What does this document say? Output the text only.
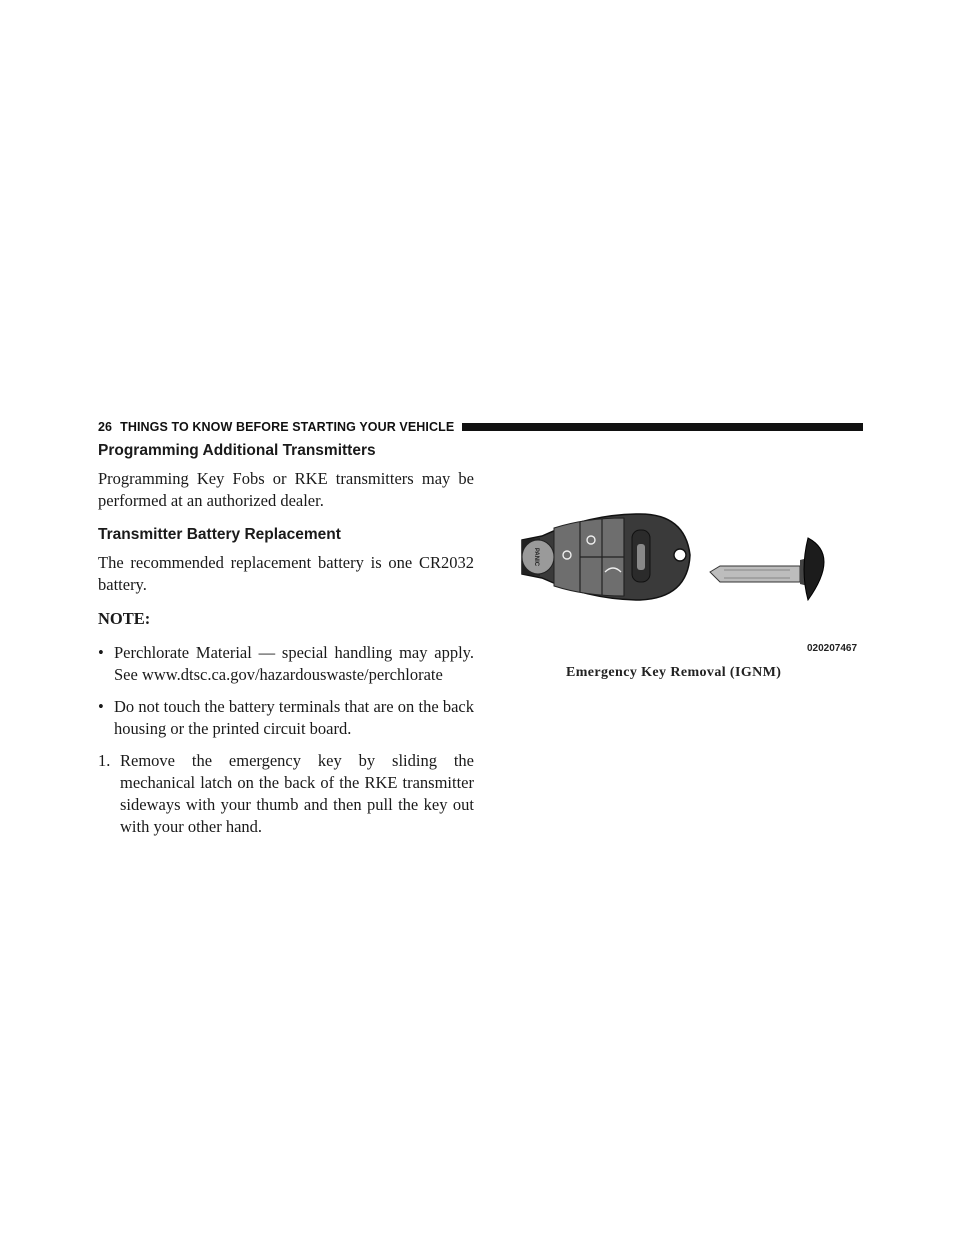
26 THINGS TO KNOW BEFORE STARTING YOUR VEHICLE
Programming Additional Transmitters

Programming Key Fobs or RKE transmitters may be performed at an authorized dealer.

Transmitter Battery Replacement

The recommended replacement battery is one CR2032 battery.

NOTE:
• Perchlorate Material — special handling may apply. See www.dtsc.ca.gov/hazardouswaste/perchlorate
• Do not touch the battery terminals that are on the back housing or the printed circuit board.
1. Remove the emergency key by sliding the mechanical latch on the back of the RKE transmitter sideways with your thumb and then pull the key out with your other hand.
PANIC
020207467
Emergency Key Removal (IGNM)
